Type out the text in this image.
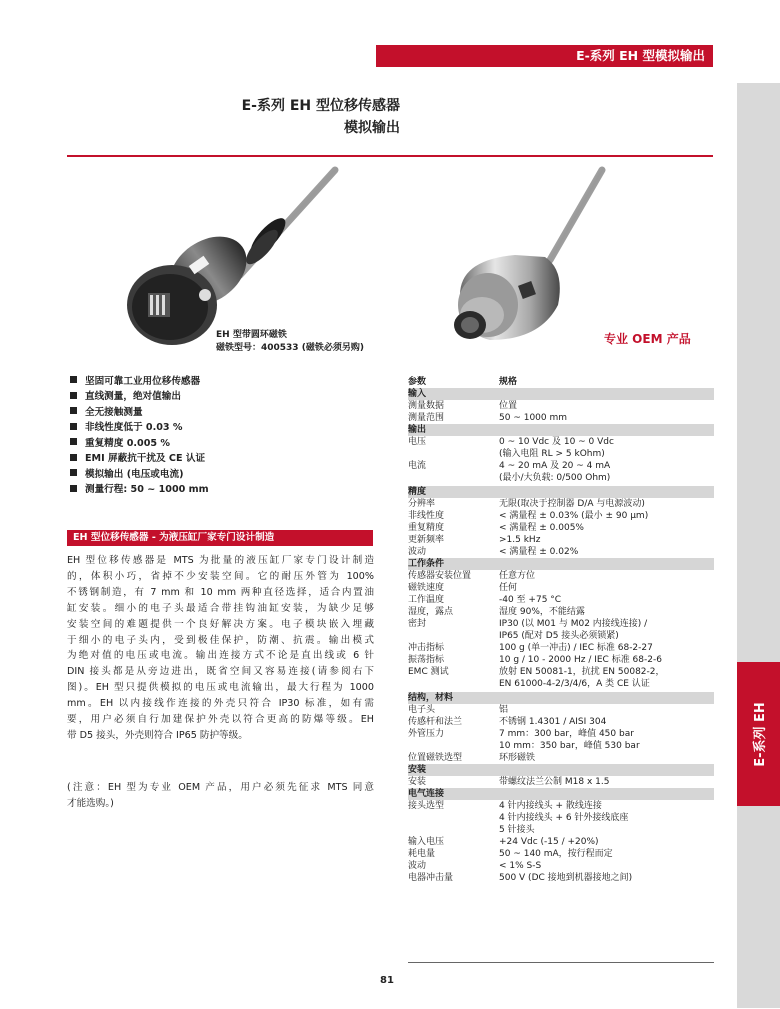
E-系列 EH 型模拟输出
E-系列 EH
E-系列 EH 型位移传感器
模拟输出
EH 型带圆环磁铁
磁铁型号：400533 (磁铁必须另购)
专业 OEM 产品
坚固可靠工业用位移传感器
直线测量，绝对值输出
全无接触测量
非线性度低于 0.03 %
重复精度 0.005 %
EMI 屏蔽抗干扰及 CE 认证
模拟输出 (电压或电流)
测量行程: 50 ~ 1000 mm
EH 型位移传感器 - 为液压缸厂家专门设计制造

EH 型位移传感器是 MTS 为批量的液压缸厂家专门设计制造

的，体积小巧，省掉不少安装空间。它的耐压外管为 100%

不锈钢制造，有 7 mm 和 10 mm 两种直径选择，适合内置油

缸安装。细小的电子头最适合带挂钩油缸安装，为缺少足够

安装空间的难题提供一个良好解决方案。电子模块嵌入埋藏

于细小的电子头内，受到极佳保护，防潮、抗震。输出模式

为绝对值的电压或电流。输出连接方式不论是直出线或 6 针

DIN 接头都是从旁边进出，既省空间又容易连接(请参阅右下

图)。EH 型只提供模拟的电压或电流输出，最大行程为 1000

mm。EH 以内接线作连接的外壳只符合 IP30 标准，如有需

要，用户必须自行加建保护外壳以符合更高的防爆等级。EH

带 D5 接头，外壳则符合 IP65 防护等级。

(注意：EH 型为专业 OEM 产品，用户必须先征求 MTS 同意

才能选购。)

参数	规格
输入
测量数据	位置
测量范围	50 ~ 1000 mm
输出
电压	0 ~ 10 Vdc 及 10 ~ 0 Vdc
(输入电阻 RL > 5 kOhm)
电流	4 ~ 20 mA 及 20 ~ 4 mA
(最小/大负载: 0/500 Ohm)
精度
分辨率	无限(取决于控制器 D/A 与电源波动)
非线性度	< 满量程 ± 0.03% (最小 ± 90 µm)
重复精度	< 满量程 ± 0.005%
更新频率	>1.5 kHz
波动	< 满量程 ± 0.02%
工作条件
传感器安装位置	任意方位
磁铁速度	任何
工作温度	-40 至 +75 °C
湿度，露点	湿度 90%，不能结露
密封	IP30 (以 M01 与 M02 内接线连接) /
IP65 (配对 D5 接头必须锁紧)
冲击指标	100 g (单一冲击) / IEC 标准 68-2-27
振荡指标	10 g / 10 - 2000 Hz / IEC 标准 68-2-6
EMC 测试	放射 EN 50081-1，抗扰 EN 50082-2，
EN 61000-4-2/3/4/6，A 类 CE 认证
结构，材料
电子头	铝
传感杆和法兰	不锈钢 1.4301 / AISI 304
外管压力	7 mm：300 bar，峰值 450 bar
10 mm：350 bar，峰值 530 bar
位置磁铁选型	环形磁铁
安装
安装	带螺纹法兰公制 M18 x 1.5
电气连接
接头选型	4 针内接线头 + 散线连接
4 针内接线头 + 6 针外接线底座
5 针接头
输入电压	+24 Vdc (-15 / +20%)
耗电量	50 ~ 140 mA，按行程而定
波动	< 1% S-S
电器冲击量	500 V (DC 接地到机器接地之间)
81
